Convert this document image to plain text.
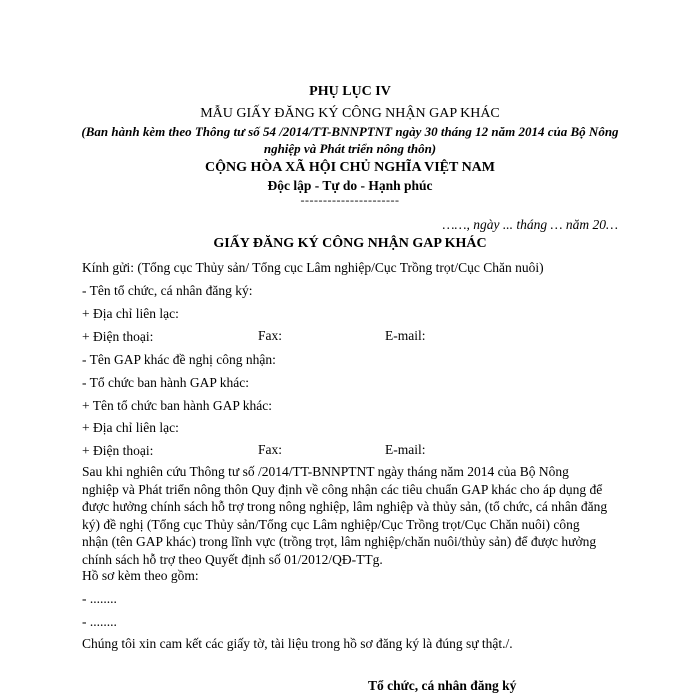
PHỤ LỤC IV
MẪU GIẤY ĐĂNG KÝ CÔNG NHẬN GAP KHÁC
(Ban hành kèm theo Thông tư số 54 /2014/TT-BNNPTNT ngày 30 tháng 12 năm 2014 của Bộ Nông
nghiệp và Phát triển nông thôn)
CỘNG HÒA XÃ HỘI CHỦ NGHĨA VIỆT NAM
Độc lập - Tự do - Hạnh phúc
----------------------
……, ngày ... tháng … năm 20…
GIẤY ĐĂNG KÝ CÔNG NHẬN GAP KHÁC
Kính gửi: (Tổng cục Thủy sản/ Tổng cục Lâm nghiệp/Cục Trồng trọt/Cục Chăn nuôi)
- Tên tổ chức, cá nhân đăng ký:
+ Địa chỉ liên lạc:
+ Điện thoại:	Fax:	E-mail:
- Tên GAP khác đề nghị công nhận:
- Tổ chức ban hành GAP khác:
+ Tên tổ chức ban hành GAP khác:
+ Địa chỉ liên lạc:
+ Điện thoại:	Fax:	E-mail:
Sau khi nghiên cứu Thông tư số /2014/TT-BNNPTNT ngày tháng năm 2014 của Bộ Nông
nghiệp và Phát triển nông thôn Quy định về công nhận các tiêu chuẩn GAP khác cho áp dụng để
được hưởng chính sách hỗ trợ trong nông nghiệp, lâm nghiệp và thủy sản, (tổ chức, cá nhân đăng
ký) đề nghị (Tổng cục Thủy sản/Tổng cục Lâm nghiệp/Cục Trồng trọt/Cục Chăn nuôi) công
nhận (tên GAP khác) trong lĩnh vực (trồng trọt, lâm nghiệp/chăn nuôi/thủy sản) để được hưởng
chính sách hỗ trợ theo Quyết định số 01/2012/QĐ-TTg.
Hồ sơ kèm theo gồm:
- ........
- ........
Chúng tôi xin cam kết các giấy tờ, tài liệu trong hồ sơ đăng ký là đúng sự thật./.
Tổ chức, cá nhân đăng ký
